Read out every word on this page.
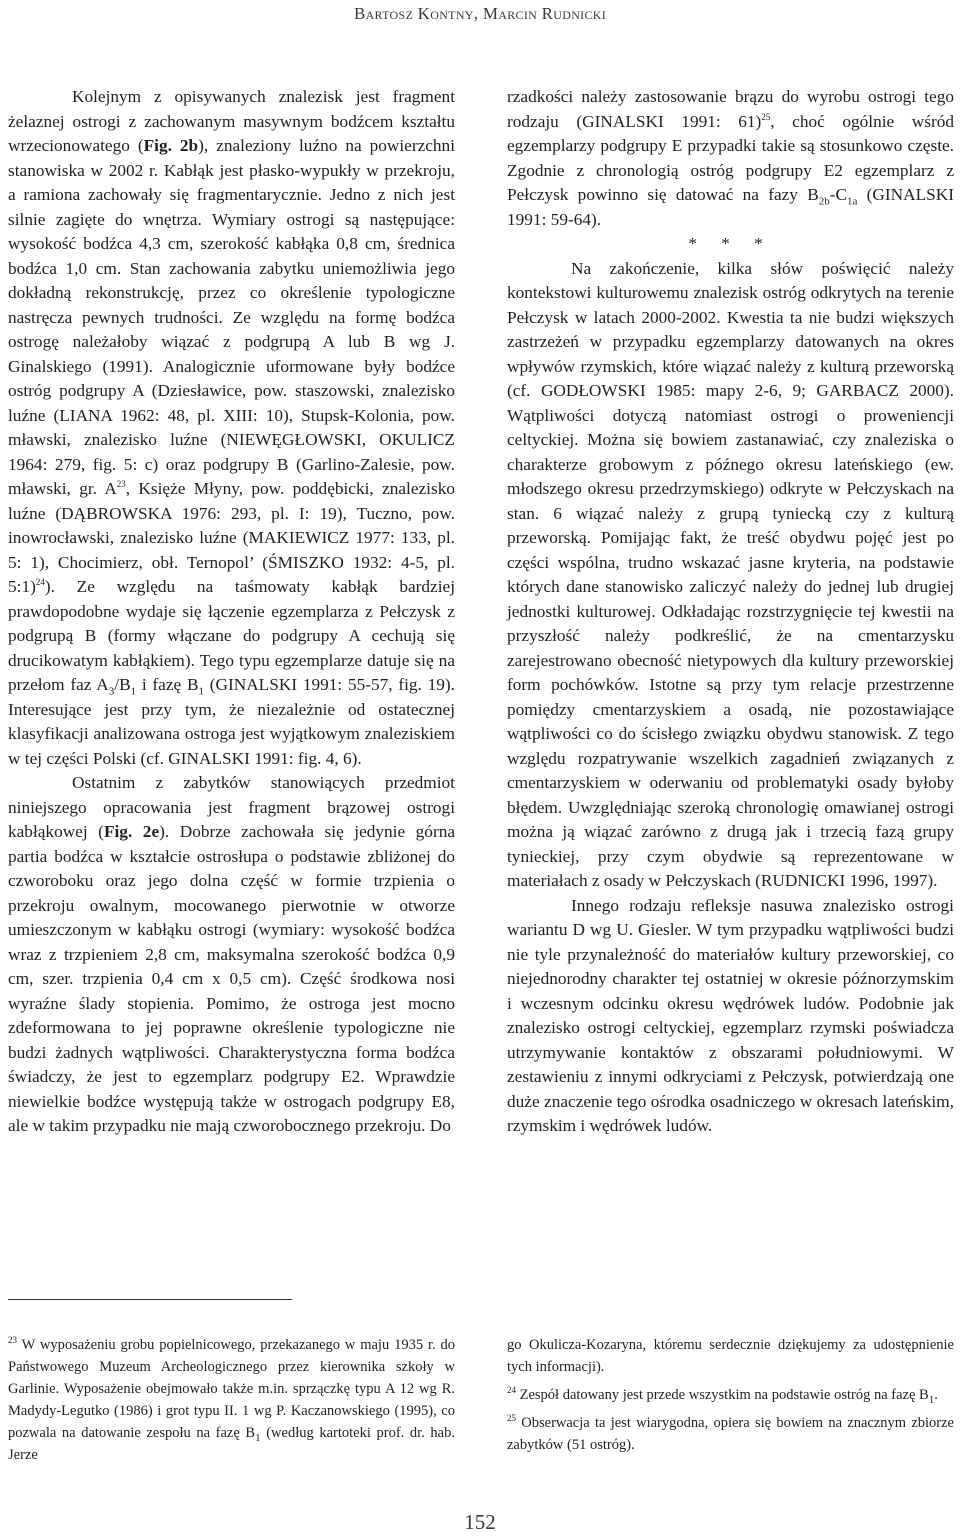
Bartosz Kontny, Marcin Rudnicki

Kolejnym z opisywanych znalezisk jest fragment żelaznej ostrogi z zachowanym masywnym bodźcem kształtu wrzecionowatego (Fig. 2b), znaleziony luźno na powierzchni stanowiska w 2002 r. Kabłąk jest płasko-wypukły w przekroju, a ramiona zachowały się fragmentarycznie. Jedno z nich jest silnie zagięte do wnętrza. Wymiary ostrogi są następujące: wysokość bodźca 4,3 cm, szerokość kabłąka 0,8 cm, średnica bodźca 1,0 cm. Stan zachowania zabytku uniemożliwia jego dokładną rekonstrukcję, przez co określenie typologiczne nastręcza pewnych trudności. Ze względu na formę bodźca ostrogę należałoby wiązać z podgrupą A lub B wg J. Ginalskiego (1991). Analogicznie uformowane były bodźce ostróg podgrupy A (Dziesławice, pow. staszowski, znalezisko luźne (LIANA 1962: 48, pl. XIII: 10), Stupsk-Kolonia, pow. mławski, znalezisko luźne (NIEWĘGŁOWSKI, OKULICZ 1964: 279, fig. 5: c) oraz podgrupy B (Garlino-Zalesie, pow. mławski, gr. $A^{23}$, Księże Młyny, pow. poddębicki, znalezisko luźne (DĄBROWSKA 1976: 293, pl. I: 19), Tuczno, pow. inowrocławski, znalezisko luźne (MAKIEWICZ 1977: 133, pl. 5: 1), Chocimierz, obł. Ternopol’ (ŚMISZKO 1932: 4-5, pl. 5:1)$^{24}$). Ze względu na taśmowaty kabłąk bardziej prawdopodobne wydaje się łączenie egzemplarza z Pełczysk z podgrupą B (formy włączane do podgrupy A cechują się drucikowatym kabłąkiem). Tego typu egzemplarze datuje się na przełom faz $A_3/B_1$ i fazę $B_1$ (GINALSKI 1991: 55-57, fig. 19). Interesujące jest przy tym, że niezależnie od ostatecznej klasyfikacji analizowana ostroga jest wyjątkowym znaleziskiem w tej części Polski (cf. GINALSKI 1991: fig. 4, 6).

Ostatnim z zabytków stanowiących przedmiot niniejszego opracowania jest fragment brązowej ostrogi kabłąkowej (Fig. 2e). Dobrze zachowała się jedynie górna partia bodźca w kształcie ostrosłupa o podstawie zbliżonej do czworoboku oraz jego dolna część w formie trzpienia o przekroju owalnym, mocowanego pierwotnie w otworze umieszczonym w kabłąku ostrogi (wymiary: wysokość bodźca wraz z trzpieniem 2,8 cm, maksymalna szerokość bodźca 0,9 cm, szer. trzpienia 0,4 cm x 0,5 cm). Część środkowa nosi wyraźne ślady stopienia. Pomimo, że ostroga jest mocno zdeformowana to jej poprawne określenie typologiczne nie budzi żadnych wątpliwości. Charakterystyczna forma bodźca świadczy, że jest to egzemplarz podgrupy E2. Wprawdzie niewielkie bodźce występują także w ostrogach podgrupy E8, ale w takim przypadku nie mają czworobocznego przekroju. Do

rzadkości należy zastosowanie brązu do wyrobu ostrogi tego rodzaju (GINALSKI 1991: 61)$^{25}$, choć ogólnie wśród egzemplarzy podgrupy E przypadki takie są stosunkowo częste. Zgodnie z chronologią ostróg podgrupy E2 egzemplarz z Pełczysk powinno się datować na fazy $B_{2b}-C_{1a}$ (GINALSKI 1991: 59-64).

* * *

Na zakończenie, kilka słów poświęcić należy kontekstowi kulturowemu znalezisk ostróg odkrytych na terenie Pełczysk w latach 2000-2002. Kwestia ta nie budzi większych zastrzeżeń w przypadku egzemplarzy datowanych na okres wpływów rzymskich, które wiązać należy z kulturą przeworską (cf. GODŁOWSKI 1985: mapy 2-6, 9; GARBACZ 2000). Wątpliwości dotyczą natomiast ostrogi o proweniencji celtyckiej. Można się bowiem zastanawiać, czy znaleziska o charakterze grobowym z późnego okresu lateńskiego (ew. młodszego okresu przedrzymskiego) odkryte w Pełczyskach na stan. 6 wiązać należy z grupą tyniecką czy z kulturą przeworską. Pomijając fakt, że treść obydwu pojęć jest po części wspólna, trudno wskazać jasne kryteria, na podstawie których dane stanowisko zaliczyć należy do jednej lub drugiej jednostki kulturowej. Odkładając rozstrzygnięcie tej kwestii na przyszłość należy podkreślić, że na cmentarzysku zarejestrowano obecność nietypowych dla kultury przeworskiej form pochówków. Istotne są przy tym relacje przestrzenne pomiędzy cmentarzyskiem a osadą, nie pozostawiające wątpliwości co do ścisłego związku obydwu stanowisk. Z tego względu rozpatrywanie wszelkich zagadnień związanych z cmentarzyskiem w oderwaniu od problematyki osady byłoby błędem. Uwzględniając szeroką chronologię omawianej ostrogi można ją wiązać zarówno z drugą jak i trzecią fazą grupy tynieckiej, przy czym obydwie są reprezentowane w materiałach z osady w Pełczyskach (RUDNICKI 1996, 1997).

Innego rodzaju refleksje nasuwa znalezisko ostrogi wariantu D wg U. Giesler. W tym przypadku wątpliwości budzi nie tyle przynależność do materiałów kultury przeworskiej, co niejednorodny charakter tej ostatniej w okresie późnorzymskim i wczesnym odcinku okresu wędrówek ludów. Podobnie jak znalezisko ostrogi celtyckiej, egzemplarz rzymski poświadcza utrzymywanie kontaktów z obszarami południowymi. W zestawieniu z innymi odkryciami z Pełczysk, potwierdzają one duże znaczenie tego ośrodka osadniczego w okresach lateńskim, rzymskim i wędrówek ludów.

$^{23}$ W wyposażeniu grobu popielnicowego, przekazanego w maju 1935 r. do Państwowego Muzeum Archeologicznego przez kierownika szkoły w Garlinie. Wyposażenie obejmowało także m.in. sprzączkę typu A 12 wg R. Madydy-Legutko (1986) i grot typu II. 1 wg P. Kaczanowskiego (1995), co pozwala na datowanie zespołu na fazę $B_1$ (według kartoteki prof. dr. hab. Jerze

go Okulicza-Kozaryna, któremu serdecznie dziękujemy za udostępnienie tych informacji).

$^{24}$ Zespół datowany jest przede wszystkim na podstawie ostróg na fazę $B_1$.

$^{25}$ Obserwacja ta jest wiarygodna, opiera się bowiem na znacznym zbiorze zabytków (51 ostróg).

152
